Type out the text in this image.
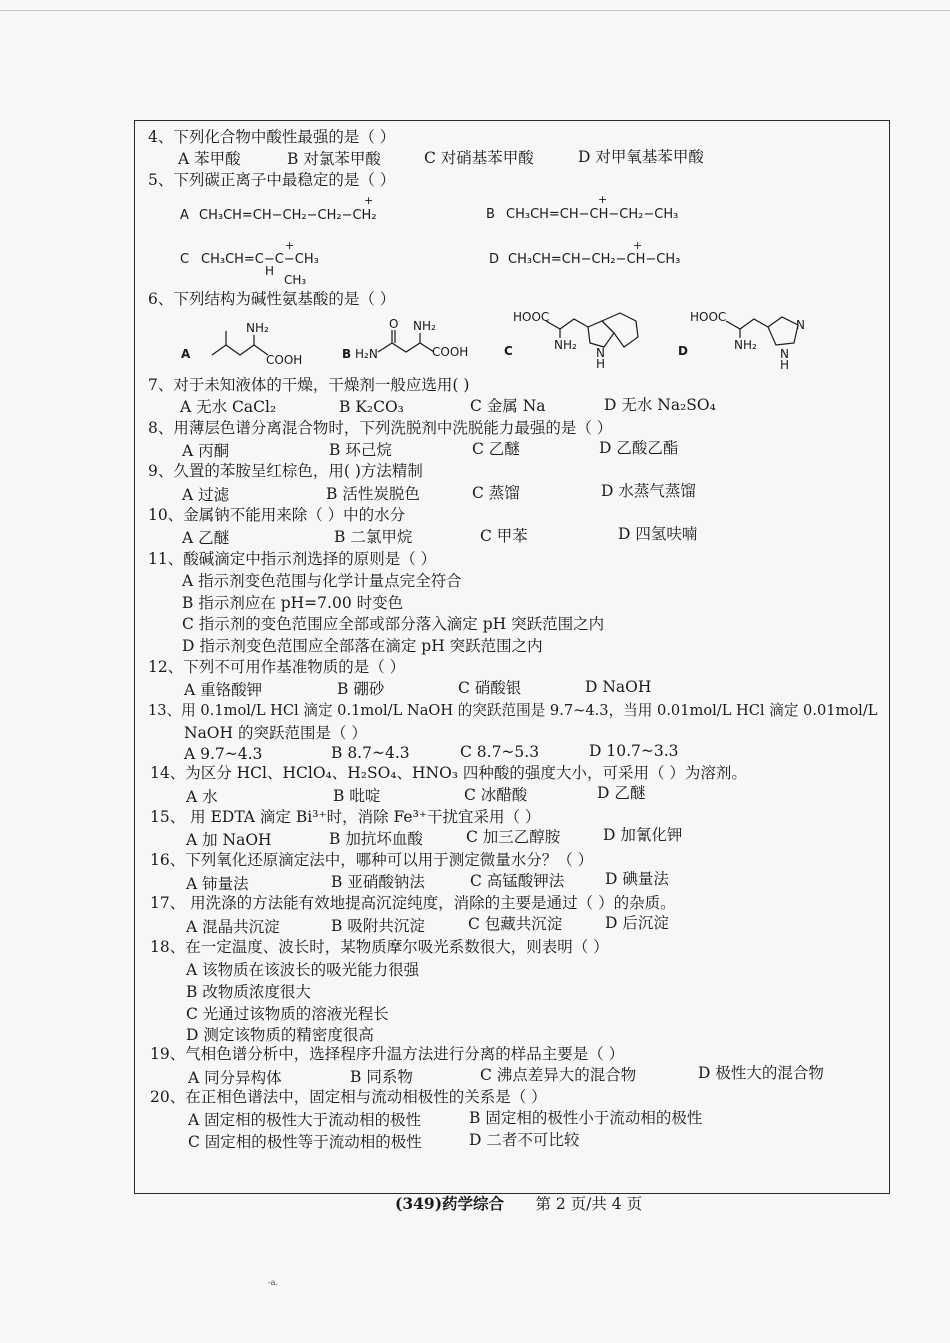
4、下列化合物中酸性最强的是（ ）
A 苯甲酸	B 对氯苯甲酸	C 对硝基苯甲酸	D 对甲氧基苯甲酸
5、下列碳正离子中最稳定的是（ ）
A CH₃CH=CH−CH₂−CH₂−CH₂
+
B CH₃CH=CH−CH−CH₂−CH₃
+
C CH₃CH=C−C−CH₃
+
H
CH₃
D CH₃CH=CH−CH₂−CH−CH₃
+
6、下列结构为碱性氨基酸的是（ ）
A
NH₂
COOH	B H₂N
O NH₂
COOH	C
HOOC
NH₂
N
H
D
HOOC
NH₂
N
N
H
7、对于未知液体的干燥，干燥剂一般应选用( )
A 无水 CaCl₂	B K₂CO₃	C 金属 Na	D 无水 Na₂SO₄
8、用薄层色谱分离混合物时，下列洗脱剂中洗脱能力最强的是（ ）
A 丙酮	B 环己烷	C 乙醚	D 乙酸乙酯
9、久置的苯胺呈红棕色，用( )方法精制
A 过滤	B 活性炭脱色	C 蒸馏	D 水蒸气蒸馏
10、金属钠不能用来除（ ）中的水分
A 乙醚	B 二氯甲烷	C 甲苯	D 四氢呋喃
11、酸碱滴定中指示剂选择的原则是（ ）
A 指示剂变色范围与化学计量点完全符合
B 指示剂应在 pH=7.00 时变色
C 指示剂的变色范围应全部或部分落入滴定 pH 突跃范围之内
D 指示剂变色范围应全部落在滴定 pH 突跃范围之内
12、下列不可用作基准物质的是（ ）
A 重铬酸钾	B 硼砂	C 硝酸银	D NaOH
13、用 0.1mol/L HCl 滴定 0.1mol/L NaOH 的突跃范围是 9.7~4.3，当用 0.01mol/L HCl 滴定 0.01mol/L
NaOH 的突跃范围是（ ）
A 9.7~4.3	B 8.7~4.3	C 8.7~5.3	D 10.7~3.3
14、为区分 HCl、HClO₄、H₂SO₄、HNO₃ 四种酸的强度大小，可采用（ ）为溶剂。
A 水	B 吡啶	C 冰醋酸	D 乙醚
15、 用 EDTA 滴定 Bi³⁺时，消除 Fe³⁺干扰宜采用（ ）
A 加 NaOH	B 加抗坏血酸	C 加三乙醇胺	D 加氰化钾
16、下列氧化还原滴定法中，哪种可以用于测定微量水分？（ ）
A 铈量法	B 亚硝酸钠法	C 高锰酸钾法	D 碘量法
17、 用洗涤的方法能有效地提高沉淀纯度，消除的主要是通过（ ）的杂质。
A 混晶共沉淀	B 吸附共沉淀	C 包藏共沉淀	D 后沉淀
18、在一定温度、波长时，某物质摩尔吸光系数很大，则表明（ ）
A 该物质在该波长的吸光能力很强
B 改物质浓度很大
C 光通过该物质的溶液光程长
D 测定该物质的精密度很高
19、气相色谱分析中，选择程序升温方法进行分离的样品主要是（ ）
A 同分异构体	B 同系物	C 沸点差异大的混合物	D 极性大的混合物
20、在正相色谱法中，固定相与流动相极性的关系是（ ）
A 固定相的极性大于流动相的极性	B 固定相的极性小于流动相的极性
C 固定相的极性等于流动相的极性	D 二者不可比较
(349)药学综合 第 2 页/共 4 页
-a.
